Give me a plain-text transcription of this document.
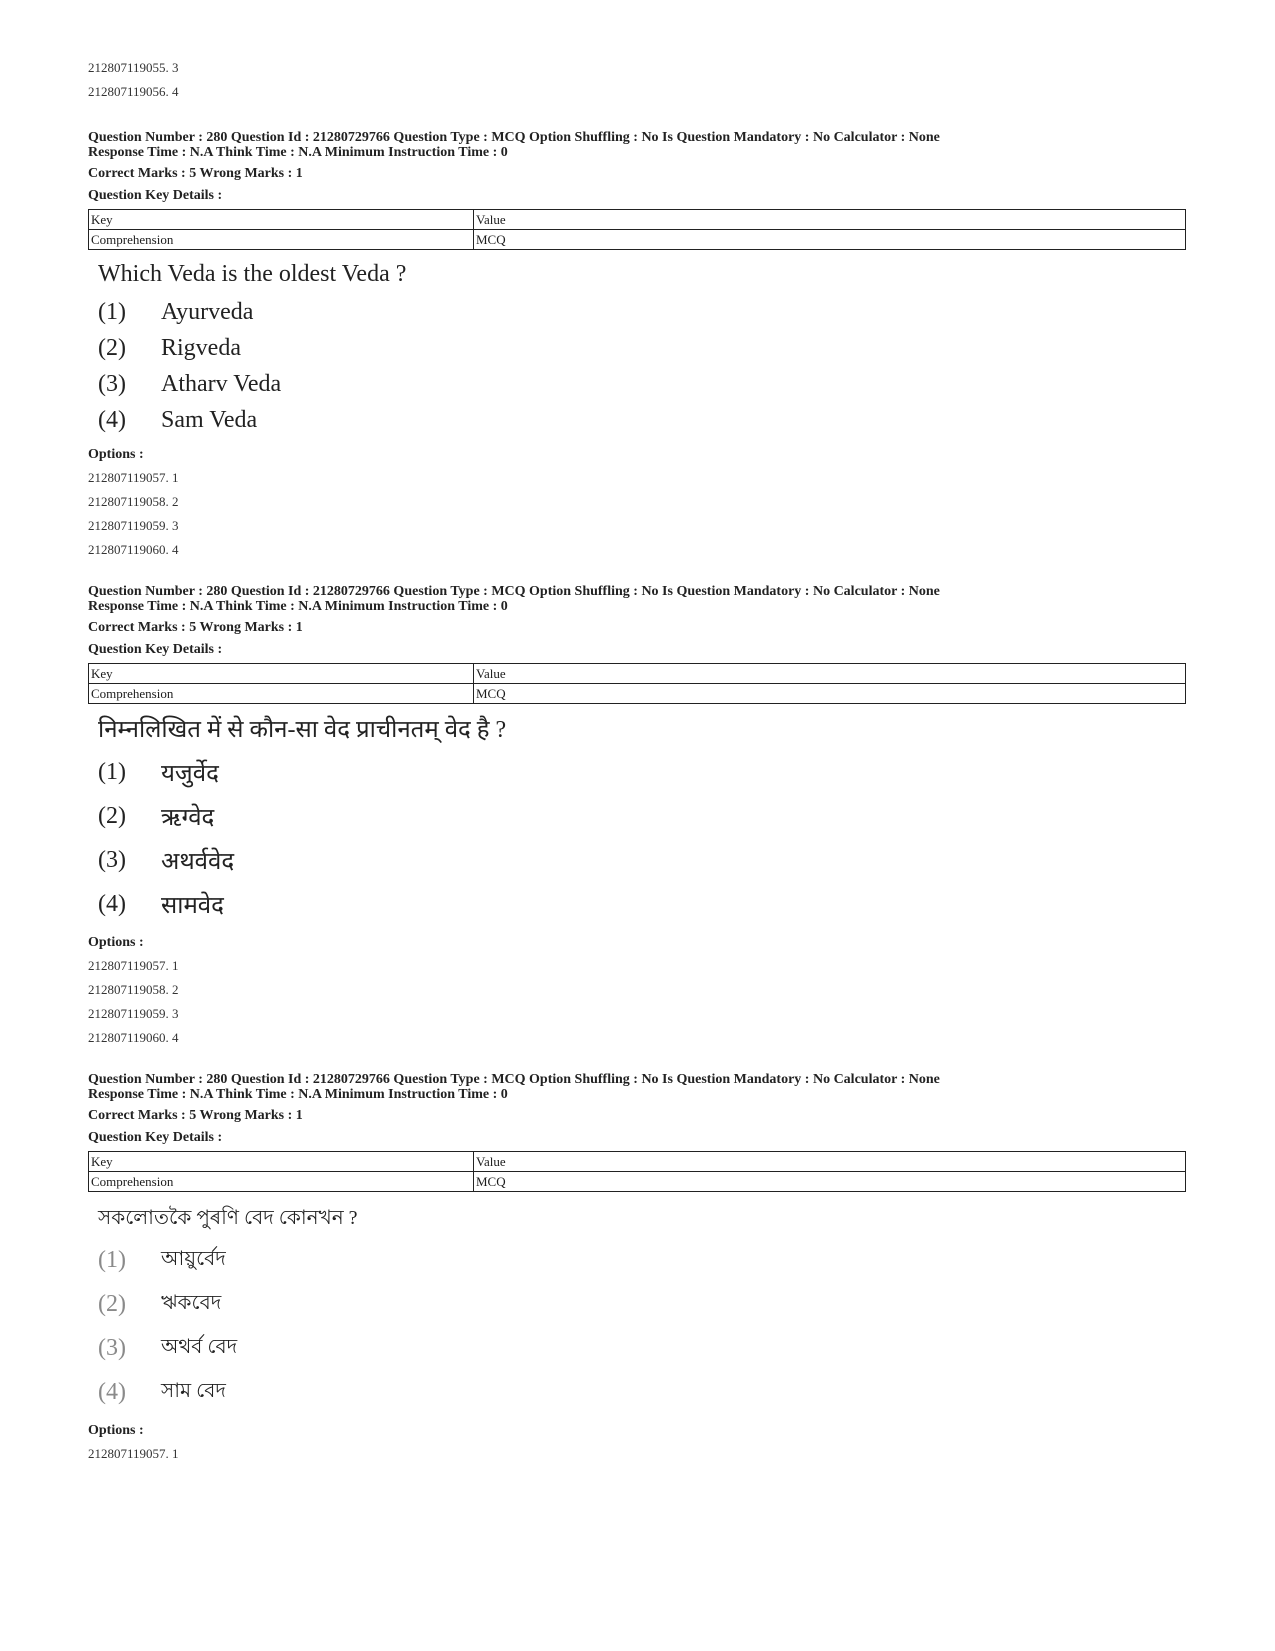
212807119055. 3
212807119056. 4
Question Number : 280 Question Id : 21280729766 Question Type : MCQ Option Shuffling : No Is Question Mandatory : No Calculator : None
Response Time : N.A Think Time : N.A Minimum Instruction Time : 0
Correct Marks : 5 Wrong Marks : 1
Question Key Details :
Key	Value
Comprehension	MCQ
Which Veda is the oldest Veda ?
(1)	Ayurveda
(2)	Rigveda
(3)	Atharv Veda
(4)	Sam Veda
Options :
212807119057. 1
212807119058. 2
212807119059. 3
212807119060. 4
Question Number : 280 Question Id : 21280729766 Question Type : MCQ Option Shuffling : No Is Question Mandatory : No Calculator : None
Response Time : N.A Think Time : N.A Minimum Instruction Time : 0
Correct Marks : 5 Wrong Marks : 1
Question Key Details :
Key	Value
Comprehension	MCQ
निम्नलिखित में से कौन-सा वेद प्राचीनतम् वेद है ?
(1)	यजुर्वेद
(2)	ऋग्वेद
(3)	अथर्ववेद
(4)	सामवेद
Options :
212807119057. 1
212807119058. 2
212807119059. 3
212807119060. 4
Question Number : 280 Question Id : 21280729766 Question Type : MCQ Option Shuffling : No Is Question Mandatory : No Calculator : None
Response Time : N.A Think Time : N.A Minimum Instruction Time : 0
Correct Marks : 5 Wrong Marks : 1
Question Key Details :
Key	Value
Comprehension	MCQ
সকলোতকৈ পুৰণি বেদ কোনখন ?
(1)	আয়ুৰ্বেদ
(2)	ঋকবেদ
(3)	অথৰ্ব বেদ
(4)	সাম বেদ
Options :
212807119057. 1
